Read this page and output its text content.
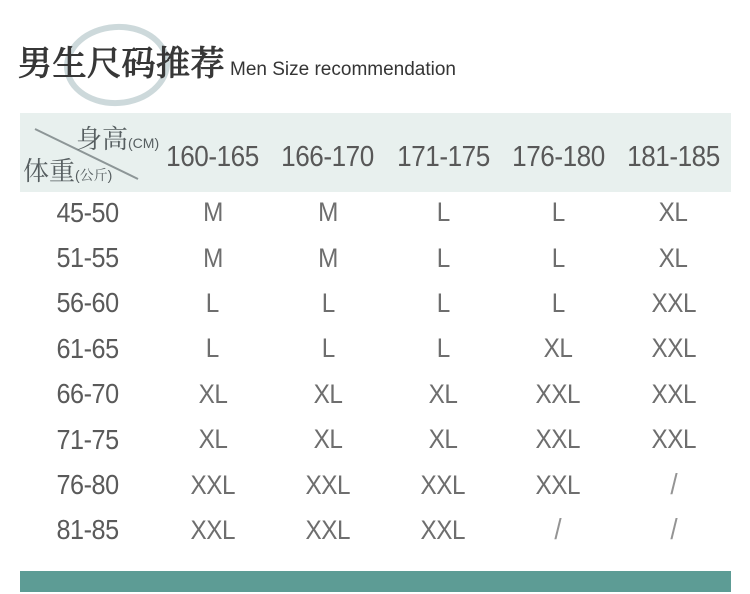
男生尺码推荐 Men Size recommendation
身高(CM)
体重(公斤)
160-165 166-170 171-175 176-180 181-185
45-50	M	M	L	L	XL
51-55	M	M	L	L	XL
56-60	L	L	L	L	XXL
61-65	L	L	L	XL	XXL
66-70	XL	XL	XL	XXL	XXL
71-75	XL	XL	XL	XXL	XXL
76-80	XXL	XXL	XXL	XXL	/
81-85	XXL	XXL	XXL	/	/
